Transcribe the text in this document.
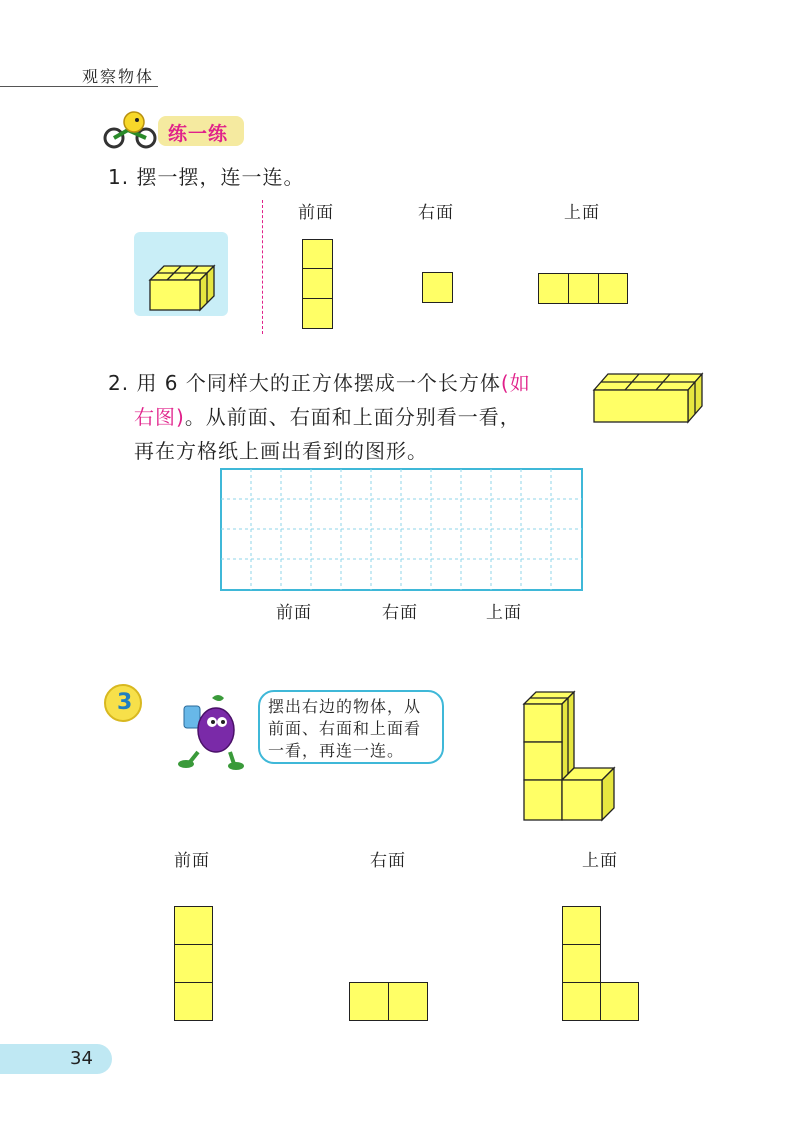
观察物体
练一练
1. 摆一摆，连一连。
前面	右面	上面
2. 用 6 个同样大的正方体摆成一个长方体(如
右图)。从前面、右面和上面分别看一看，
再在方格纸上画出看到的图形。
前面	右面	上面
3	摆出右边的物体，从
前面、右面和上面看
一看，再连一连。
前面	右面	上面
34
